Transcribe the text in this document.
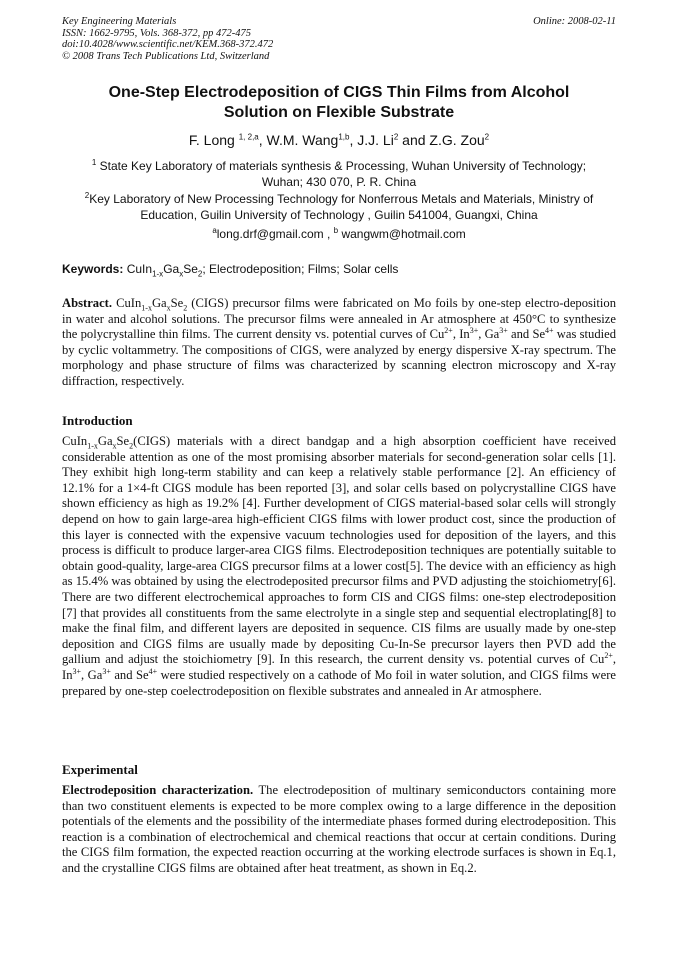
Key Engineering Materials
ISSN: 1662-9795, Vols. 368-372, pp 472-475
doi:10.4028/www.scientific.net/KEM.368-372.472
© 2008 Trans Tech Publications Ltd, Switzerland
Online: 2008-02-11
One-Step Electrodeposition of CIGS Thin Films from Alcohol
Solution on Flexible Substrate
F. Long $^{1, 2,a}$, W.M. Wang$^{1,b}$, J.J. Li$^2$ and Z.G. Zou$^2$
$^1$ State Key Laboratory of materials synthesis & Processing, Wuhan University of Technology; Wuhan; 430 070, P. R. China
$^2$Key Laboratory of New Processing Technology for Nonferrous Metals and Materials, Ministry of Education, Guilin University of Technology , Guilin 541004, Guangxi, China
$^a$long.drf@gmail.com , $^b$ wangwm@hotmail.com
Keywords: $CuIn_{1-x}Ga_xSe_2$; Electrodeposition; Films; Solar cells
Abstract. $CuIn_{1-x}Ga_xSe_2$ (CIGS) precursor films were fabricated on Mo foils by one-step electro-deposition in water and alcohol solutions. The precursor films were annealed in Ar atmosphere at 450°C to synthesize the polycrystalline thin films. The current density vs. potential curves of $Cu^{2+}$, $In^{3+}$, $Ga^{3+}$ and $Se^{4+}$ was studied by cyclic voltammetry. The compositions of CIGS, were analyzed by energy dispersive X-ray spectrum. The morphology and phase structure of films was characterized by scanning electron microscopy and X-ray diffraction, respectively.
Introduction
$CuIn_{1-x}Ga_xSe_2(CIGS)$ materials with a direct bandgap and a high absorption coefficient have received considerable attention as one of the most promising absorber materials for second-generation solar cells [1]. They exhibit high long-term stability and can keep a relatively stable performance [2]. An efficiency of 12.1% for a 1×4-ft CIGS module has been reported [3], and solar cells based on polycrystalline CIGS have shown efficiency as high as 19.2% [4]. Further development of CIGS material-based solar cells will strongly depend on how to gain large-area high-efficient CIGS films with lower product cost, since the production of this layer is connected with the expensive vacuum technologies used for deposition of the layers, and this process is difficult to produce larger-area CIGS films. Electrodeposition techniques are potentially suitable to obtain good-quality, large-area CIGS precursor films at a lower cost[5]. The device with an efficiency as high as 15.4% was obtained by using the electrodeposited precursor films and PVD adjusting the stoichiometry[6]. There are two different electrochemical approaches to form CIS and CIGS films: one-step electrodeposition [7] that provides all constituents from the same electrolyte in a single step and sequential electroplating[8] to make the final film, and different layers are deposited in sequence. CIS films are usually made by one-step deposition and CIGS films are usually made by depositing Cu-In-Se precursor layers then PVD add the gallium and adjust the stoichiometry [9]. In this research, the current density vs. potential curves of $Cu^{2+}$, $In^{3+}$, $Ga^{3+}$ and $Se^{4+}$ were studied respectively on a cathode of Mo foil in water solution, and CIGS films were prepared by one-step coelectrodeposition on flexible substrates and annealed in Ar atmosphere.
Experimental
Electrodeposition characterization. The electrodeposition of multinary semiconductors containing more than two constituent elements is expected to be more complex owing to a large difference in the deposition potentials of the elements and the possibility of the intermediate phases formed during electrodeposition. This reaction is a combination of electrochemical and chemical reactions that occur at certain conditions. During the CIGS film formation, the expected reaction occurring at the working electrode surfaces is shown in Eq.1, and the crystalline CIGS films are obtained after heat treatment, as shown in Eq.2.
